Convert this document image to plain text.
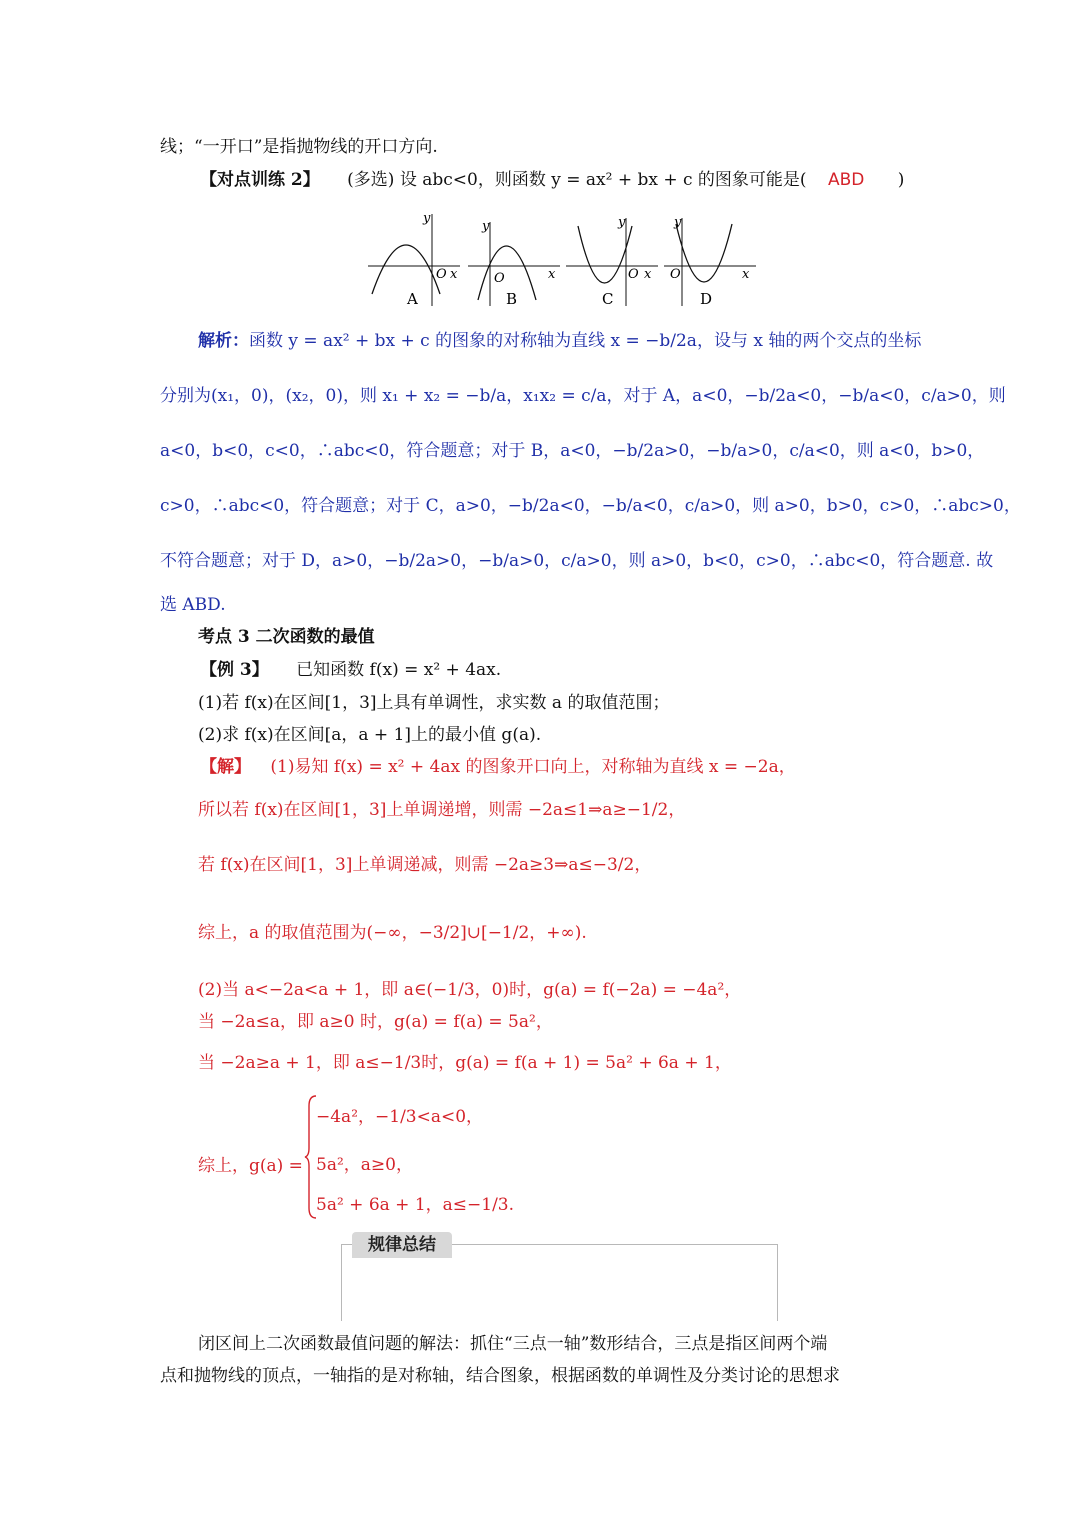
线；“一开口”是指抛物线的开口方向.
【对点训练 2】 (多选) 设 abc<0，则函数 y = ax² + bx + c 的图象可能是( ABD )
O x
y
A
O	x
y
B
O x
y
C
O	x
y
D
解析：函数 y = ax² + bx + c 的图象的对称轴为直线 x = −b/2a，设与 x 轴的两个交点的坐标
分别为(x₁，0)，(x₂，0)，则 x₁ + x₂ = −b/a，x₁x₂ = c/a，对于 A，a<0，−b/2a<0，−b/a<0，c/a>0，则
a<0，b<0，c<0，∴abc<0，符合题意；对于 B，a<0，−b/2a>0，−b/a>0，c/a<0，则 a<0，b>0，
c>0，∴abc<0，符合题意；对于 C，a>0，−b/2a<0，−b/a<0，c/a>0，则 a>0，b>0，c>0，∴abc>0，
不符合题意；对于 D，a>0，−b/2a>0，−b/a>0，c/a>0，则 a>0，b<0，c>0，∴abc<0，符合题意. 故
选 ABD.
考点 3 二次函数的最值
【例 3】 已知函数 f(x) = x² + 4ax.
(1)若 f(x)在区间[1，3]上具有单调性，求实数 a 的取值范围；
(2)求 f(x)在区间[a，a + 1]上的最小值 g(a).
【解】 (1)易知 f(x) = x² + 4ax 的图象开口向上，对称轴为直线 x = −2a，
所以若 f(x)在区间[1，3]上单调递增，则需 −2a≤1⇒a≥−1/2，
若 f(x)在区间[1，3]上单调递减，则需 −2a≥3⇒a≤−3/2，
综上，a 的取值范围为(−∞，−3/2]∪[−1/2，+∞).
(2)当 a<−2a<a + 1，即 a∈(−1/3，0)时，g(a) = f(−2a) = −4a²，
当 −2a≤a，即 a≥0 时，g(a) = f(a) = 5a²，
当 −2a≥a + 1，即 a≤−1/3时，g(a) = f(a + 1) = 5a² + 6a + 1，
综上，g(a) =
−4a²，−1/3<a<0，
5a²，a≥0，
5a² + 6a + 1，a≤−1/3.
规律总结
闭区间上二次函数最值问题的解法：抓住“三点一轴”数形结合，三点是指区间两个端
点和抛物线的顶点，一轴指的是对称轴，结合图象，根据函数的单调性及分类讨论的思想求
